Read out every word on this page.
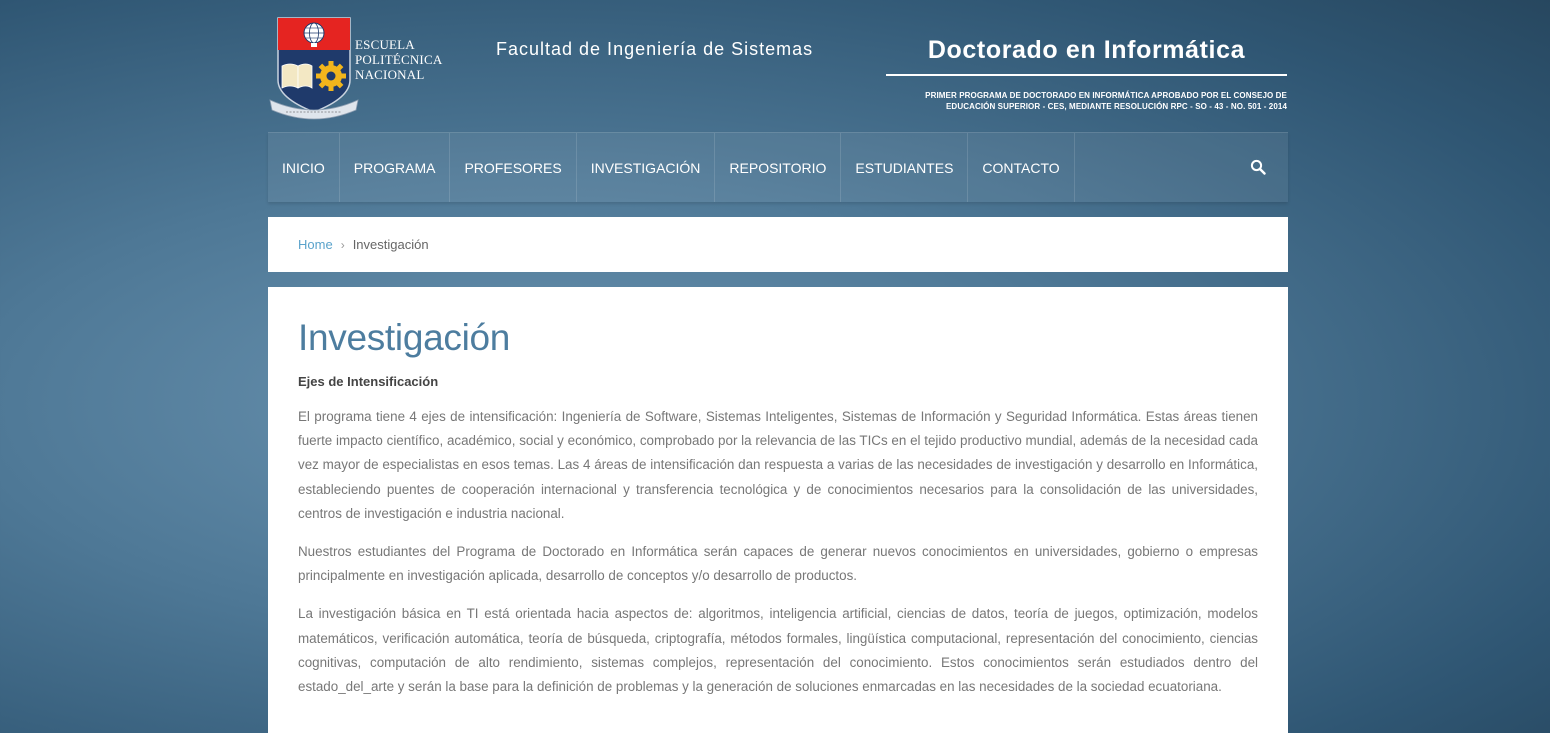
ESCUELA
POLITÉCNICA
NACIONAL
Facultad de Ingeniería de Sistemas	Doctorado en Informática
PRIMER PROGRAMA DE DOCTORADO EN INFORMÁTICA APROBADO POR EL CONSEJO DE
EDUCACIÓN SUPERIOR - CES, MEDIANTE RESOLUCIÓN RPC - SO - 43 - NO. 501 - 2014
INICIO	PROGRAMA	PROFESORES	INVESTIGACIÓN	REPOSITORIO	ESTUDIANTES	CONTACTO
Home › Investigación
Investigación
Ejes de Intensificación

El programa tiene 4 ejes de intensificación: Ingeniería de Software, Sistemas Inteligentes, Sistemas de Información y Seguridad Informática. Estas áreas tienen fuerte impacto científico, académico, social y económico, comprobado por la relevancia de las TICs en el tejido productivo mundial, además de la necesidad cada vez mayor de especialistas en esos temas. Las 4 áreas de intensificación dan respuesta a varias de las necesidades de investigación y desarrollo en Informática, estableciendo puentes de cooperación internacional y transferencia tecnológica y de conocimientos necesarios para la consolidación de las universidades, centros de investigación e industria nacional.

Nuestros estudiantes del Programa de Doctorado en Informática serán capaces de generar nuevos conocimientos en universidades, gobierno o empresas principalmente en investigación aplicada, desarrollo de conceptos y/o desarrollo de productos.

La investigación básica en TI está orientada hacia aspectos de: algoritmos, inteligencia artificial, ciencias de datos, teoría de juegos, optimización, modelos matemáticos, verificación automática, teoría de búsqueda, criptografía, métodos formales, lingüística computacional, representación del conocimiento, ciencias cognitivas, computación de alto rendimiento, sistemas complejos, representación del conocimiento. Estos conocimientos serán estudiados dentro del estado_del_arte y serán la base para la definición de problemas y la generación de soluciones enmarcadas en las necesidades de la sociedad ecuatoriana.
